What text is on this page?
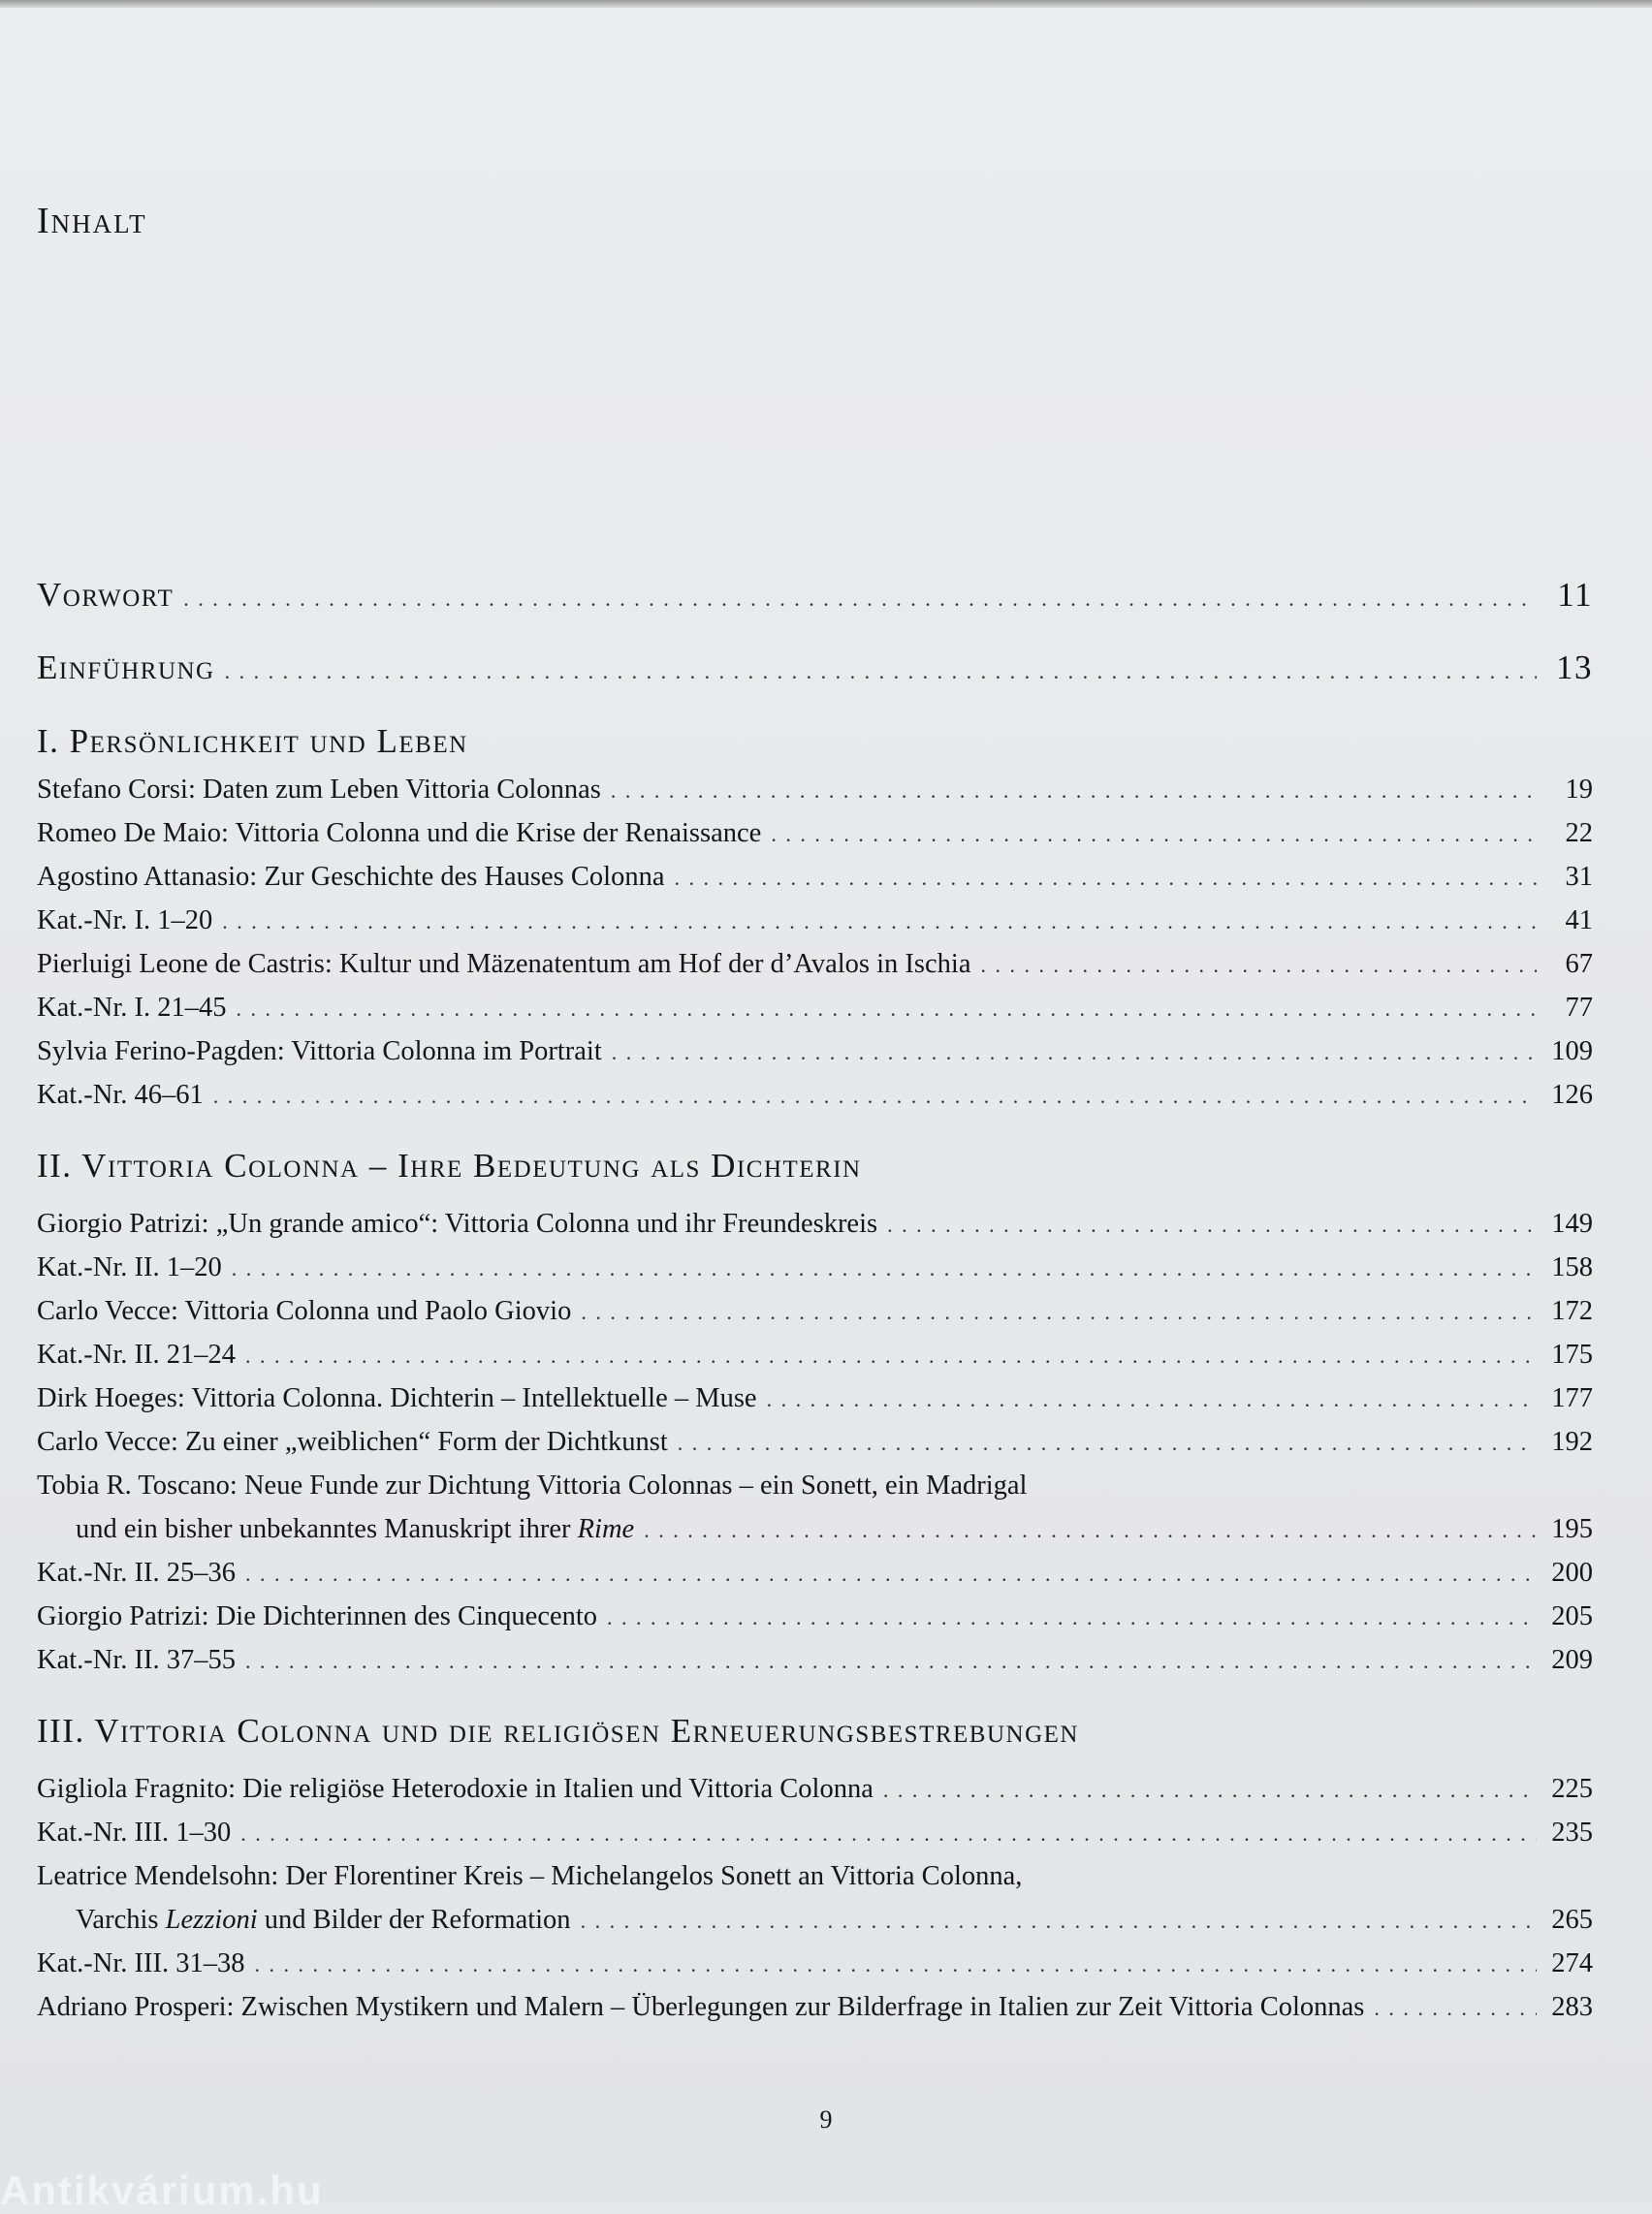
Inhalt
Vorwort . . .	11
Einführung . . .	13
I. Persönlichkeit und Leben
Stefano Corsi: Daten zum Leben Vittoria Colonnas . . .	19
Romeo De Maio: Vittoria Colonna und die Krise der Renaissance . . .	22
Agostino Attanasio: Zur Geschichte des Hauses Colonna . . .	31
Kat.-Nr. I. 1–20 . . .	41
Pierluigi Leone de Castris: Kultur und Mäzenatentum am Hof der d’Avalos in Ischia . . .	67
Kat.-Nr. I. 21–45 . . .	77
Sylvia Ferino-Pagden: Vittoria Colonna im Portrait . . .	109
Kat.-Nr. 46–61 . . .	126
II. Vittoria Colonna – Ihre Bedeutung als Dichterin
Giorgio Patrizi: „Un grande amico“: Vittoria Colonna und ihr Freundeskreis . . .	149
Kat.-Nr. II. 1–20 . . .	158
Carlo Vecce: Vittoria Colonna und Paolo Giovio . . .	172
Kat.-Nr. II. 21–24 . . .	175
Dirk Hoeges: Vittoria Colonna. Dichterin – Intellektuelle – Muse . . .	177
Carlo Vecce: Zu einer „weiblichen“ Form der Dichtkunst . . .	192
Tobia R. Toscano: Neue Funde zur Dichtung Vittoria Colonnas – ein Sonett, ein Madrigal
und ein bisher unbekanntes Manuskript ihrer Rime . . .	195
Kat.-Nr. II. 25–36 . . .	200
Giorgio Patrizi: Die Dichterinnen des Cinquecento . . .	205
Kat.-Nr. II. 37–55 . . .	209
III. Vittoria Colonna und die religiösen Erneuerungsbestrebungen
Gigliola Fragnito: Die religiöse Heterodoxie in Italien und Vittoria Colonna . . .	225
Kat.-Nr. III. 1–30 . . .	235
Leatrice Mendelsohn: Der Florentiner Kreis – Michelangelos Sonett an Vittoria Colonna,
Varchis Lezzioni und Bilder der Reformation . . .	265
Kat.-Nr. III. 31–38 . . .	274
Adriano Prosperi: Zwischen Mystikern und Malern – Überlegungen zur Bilderfrage in Italien zur Zeit Vittoria Colonnas . . .	283
9
Antikvárium.hu
